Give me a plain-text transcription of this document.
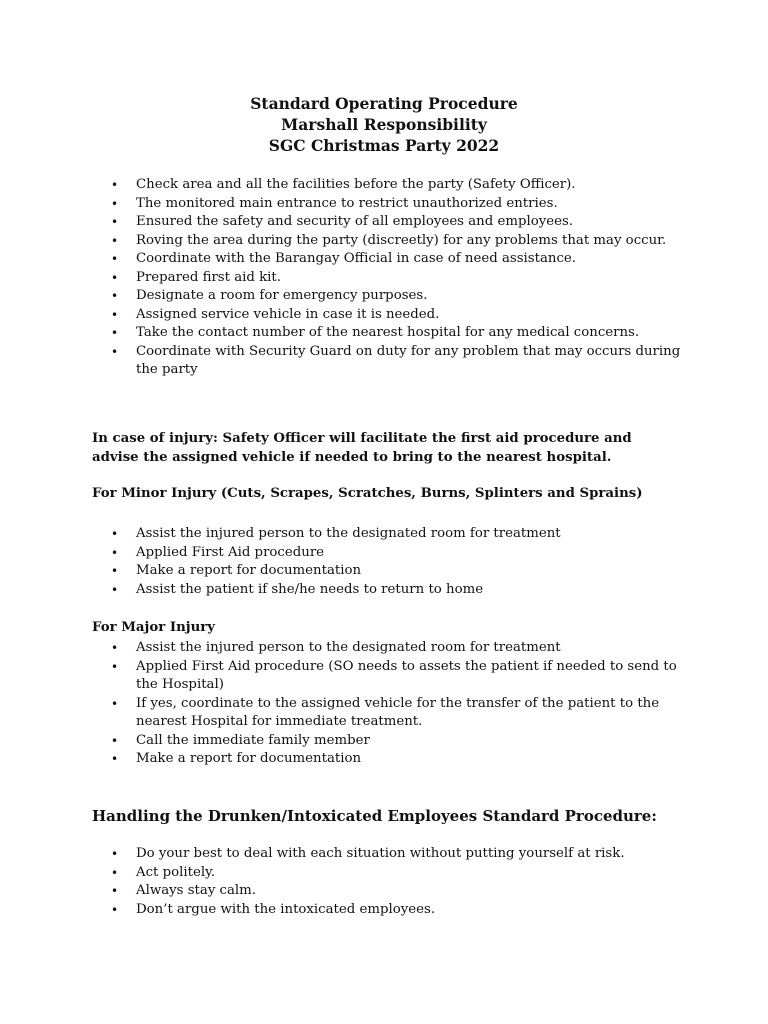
Standard Operating Procedure
Marshall Responsibility
SGC Christmas Party 2022
• Check area and all the facilities before the party (Safety Officer).
• The monitored main entrance to restrict unauthorized entries.
• Ensured the safety and security of all employees and employees.
• Roving the area during the party (discreetly) for any problems that may occur.
• Coordinate with the Barangay Official in case of need assistance.
• Prepared first aid kit.
• Designate a room for emergency purposes.
• Assigned service vehicle in case it is needed.
• Take the contact number of the nearest hospital for any medical concerns.
• Coordinate with Security Guard on duty for any problem that may occurs during the party
In case of injury: Safety Officer will facilitate the first aid procedure and advise the assigned vehicle if needed to bring to the nearest hospital.
For Minor Injury (Cuts, Scrapes, Scratches, Burns, Splinters and Sprains)
• Assist the injured person to the designated room for treatment
• Applied First Aid procedure
• Make a report for documentation
• Assist the patient if she/he needs to return to home
For Major Injury
• Assist the injured person to the designated room for treatment
• Applied First Aid procedure (SO needs to assets the patient if needed to send to the Hospital)
• If yes, coordinate to the assigned vehicle for the transfer of the patient to the nearest Hospital for immediate treatment.
• Call the immediate family member
• Make a report for documentation
Handling the Drunken/Intoxicated Employees Standard Procedure:
• Do your best to deal with each situation without putting yourself at risk.
• Act politely.
• Always stay calm.
• Don’t argue with the intoxicated employees.
